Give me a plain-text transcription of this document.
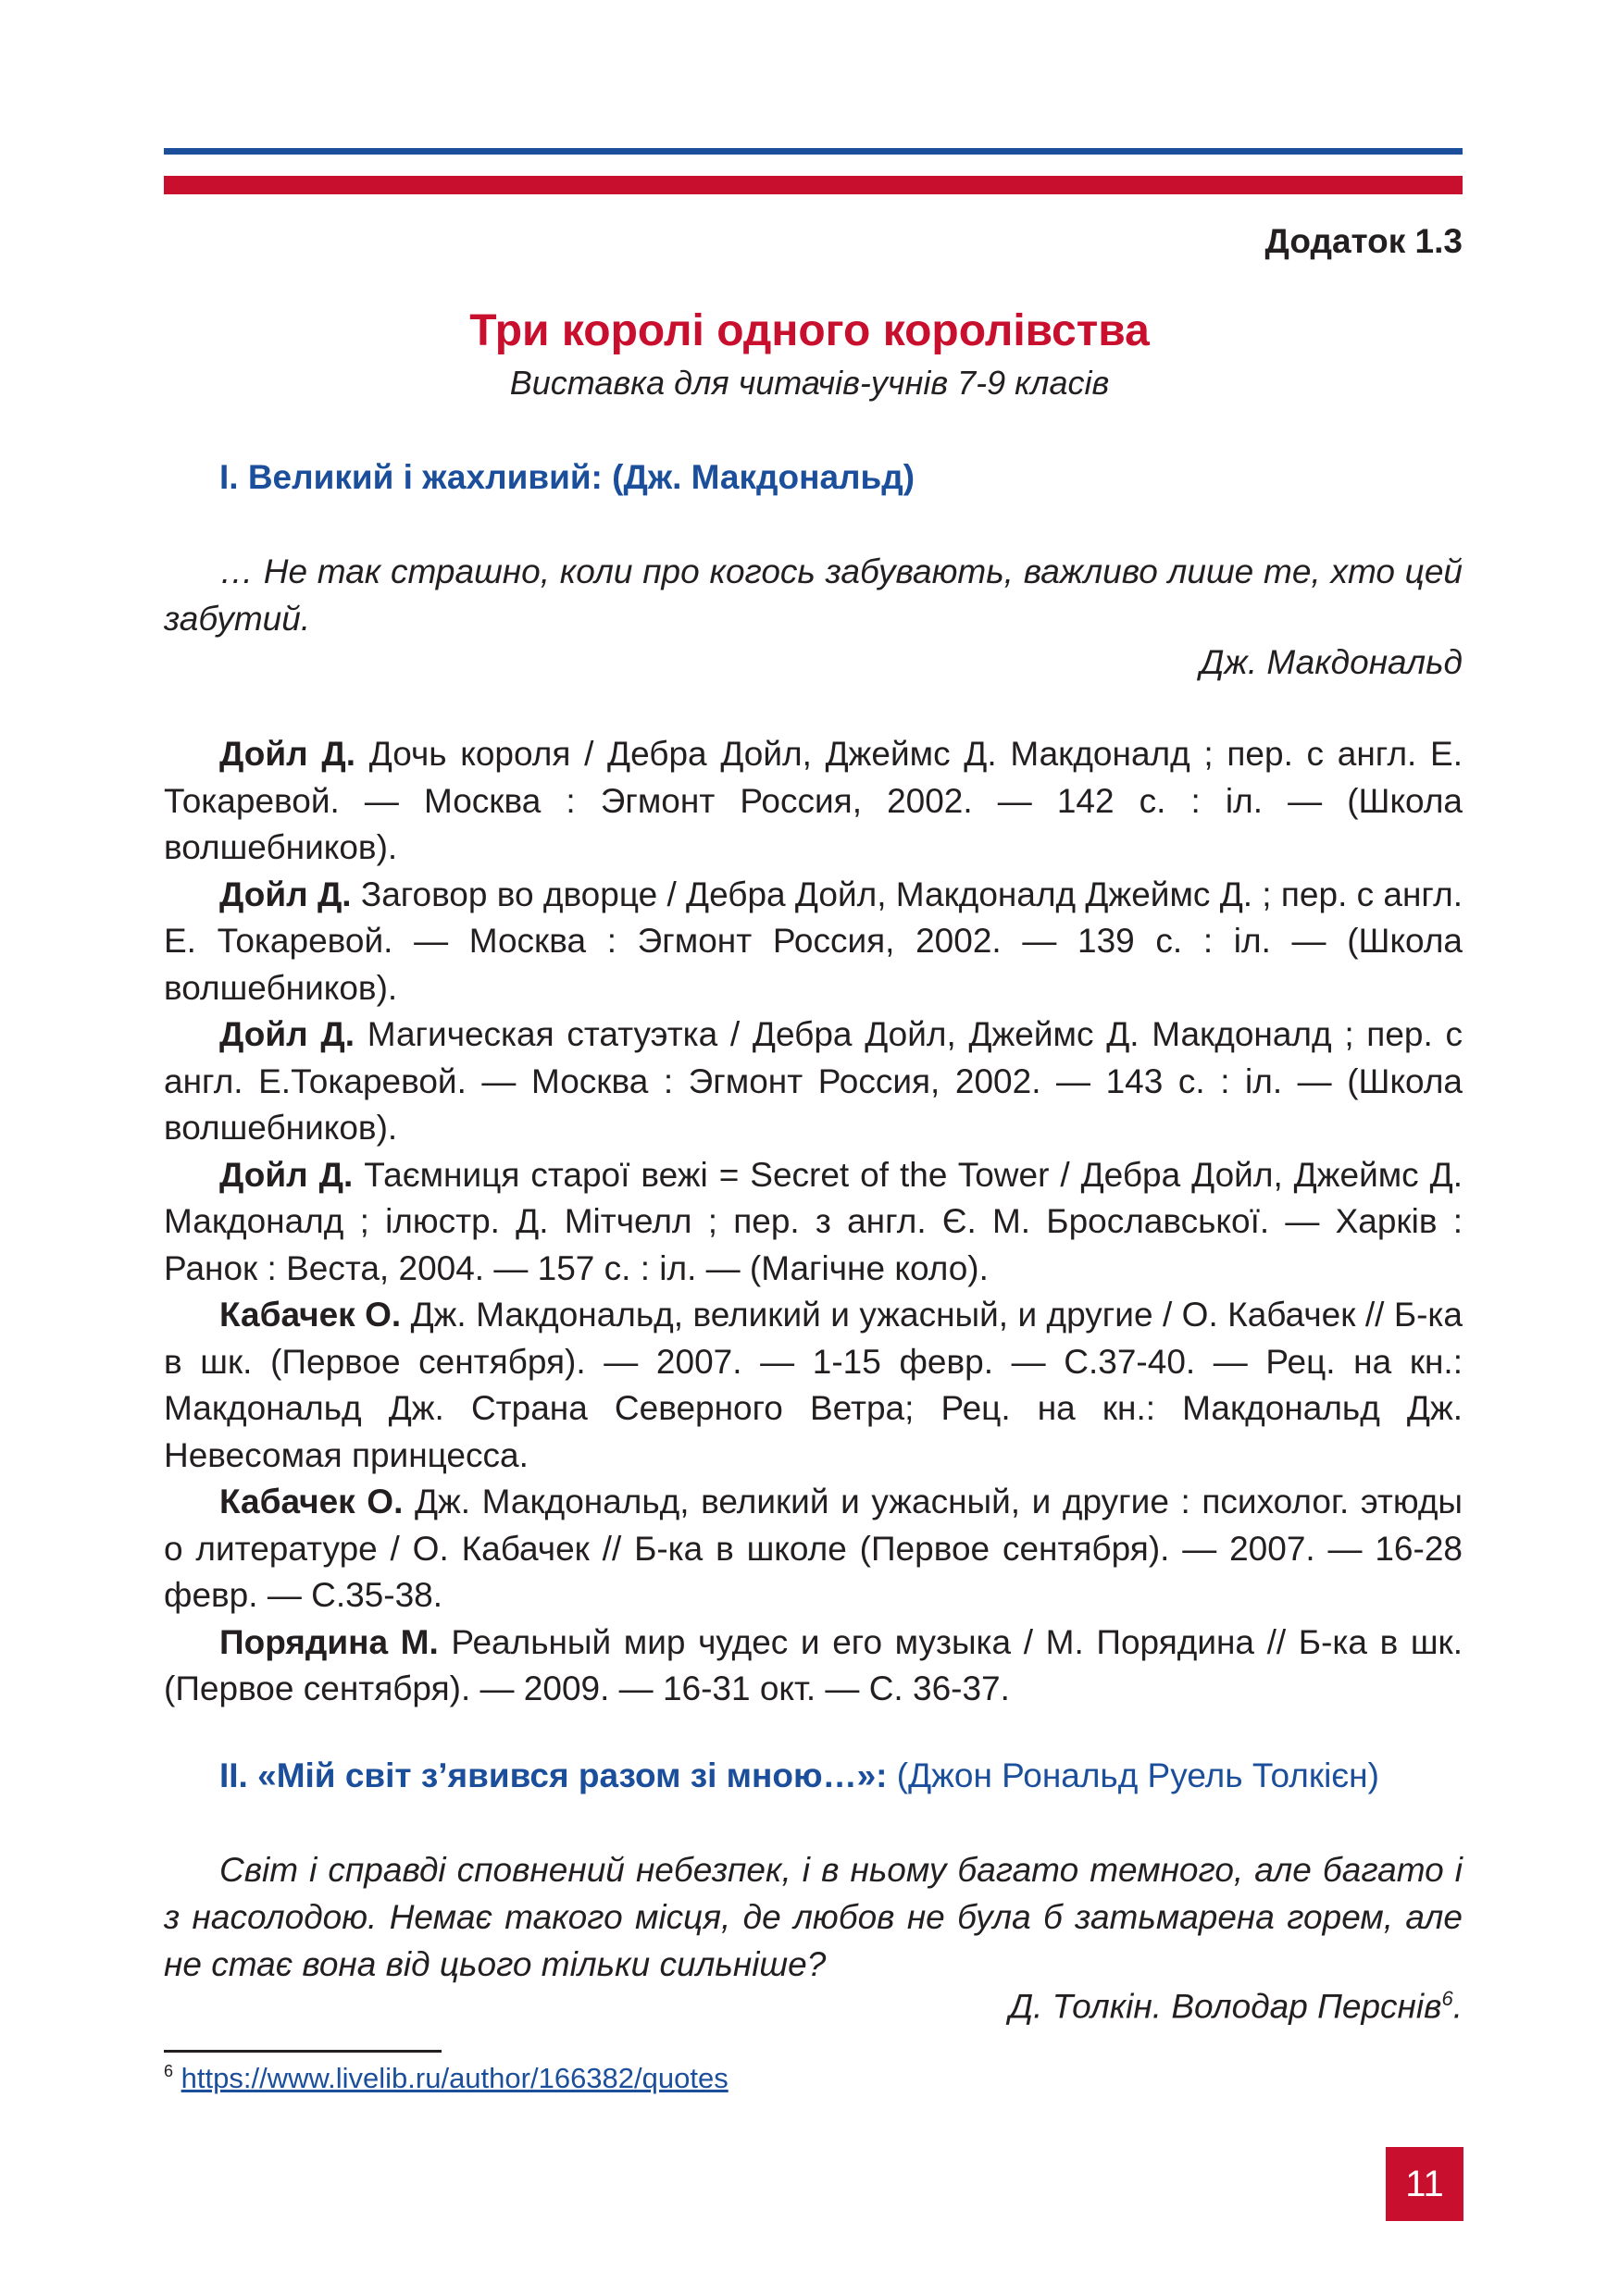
Додаток 1.3
Три королі одного королівства
Виставка для читачів-учнів 7-9 класів
I. Великий і жахливий: (Дж. Макдональд)
… Не так страшно, коли про когось забувають, важливо лише те, хто цей забутий.
Дж. Макдональд

Дойл Д. Дочь короля / Дебра Дойл, Джеймс Д. Макдоналд ; пер. с англ. Е. Токаревой. — Москва : Эгмонт Россия, 2002. — 142 с. : іл. — (Школа волшебников).

Дойл Д. Заговор во дворце / Дебра Дойл, Макдоналд Джеймс Д. ; пер. с англ. Е. Токаревой. — Москва : Эгмонт Россия, 2002. — 139 с. : іл. — (Школа волшебников).

Дойл Д. Магическая статуэтка / Дебра Дойл, Джеймс Д. Макдоналд ; пер. с англ. Е.Токаревой. — Москва : Эгмонт Россия, 2002. — 143 с. : іл. — (Школа волшебников).

Дойл Д. Таємниця старої вежі = Secret of the Tower / Дебра Дойл, Джеймс Д. Макдоналд ; ілюстр. Д. Мітчелл ; пер. з англ. Є. М. Брославської. — Харків : Ранок : Веста, 2004. — 157 с. : іл. — (Магічне коло).

Кабачек О. Дж. Макдональд, великий и ужасный, и другие / О. Кабачек // Б-ка в шк. (Первое сентября). — 2007. — 1-15 февр. — С.37-40. — Рец. на кн.: Макдональд Дж. Страна Северного Ветра; Рец. на кн.: Макдональд Дж. Невесомая принцесса.

Кабачек О. Дж. Макдональд, великий и ужасный, и другие : психолог. этюды о литературе / О. Кабачек // Б-ка в школе (Первое сентября). — 2007. — 16-28 февр. — С.35-38.

Порядина М. Реальный мир чудес и его музыка / М. Порядина // Б-ка в шк. (Первое сентября). — 2009. — 16-31 окт. — С. 36-37.

II. «Мій світ з’явився разом зі мною…»: (Джон Рональд Руель Толкієн)
Світ і справді сповнений небезпек, і в ньому багато темного, але багато і з насолодою. Немає такого місця, де любов не була б затьмарена горем, але не стає вона від цього тільки сильніше?
Д. Толкін. Володар Перснів$^6$.
$^6$ https://www.livelib.ru/author/166382/quotes
11
